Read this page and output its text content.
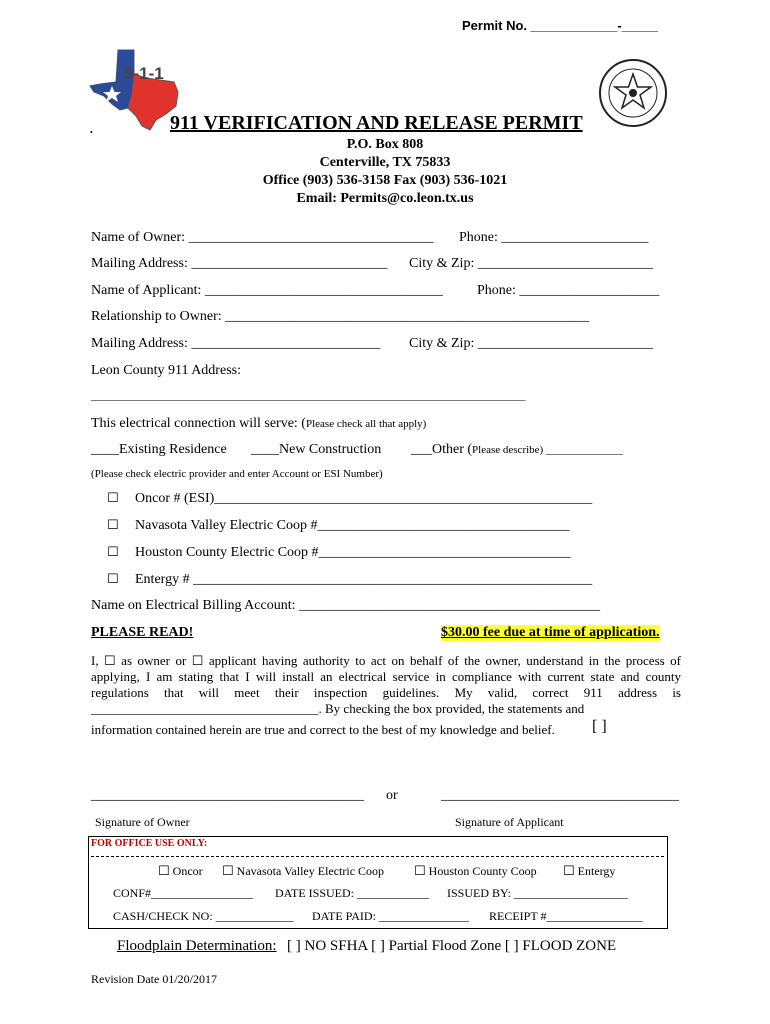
Permit No. ____________-_____
9-1-1
911 VERIFICATION AND RELEASE PERMIT
•
P.O. Box 808
Centerville, TX 75833
Office (903) 536-3158 Fax (903) 536-1021
Email: Permits@co.leon.tx.us
Name of Owner: ___________________________________ Phone: _____________________
Mailing Address: ____________________________ City & Zip: _________________________
Name of Applicant: __________________________________ Phone: ____________________
Relationship to Owner: ____________________________________________________
Mailing Address: ___________________________ City & Zip: _________________________
Leon County 911 Address:
_______________________________________________________________________________
This electrical connection will serve: (Please check all that apply)
____Existing Residence ____New Construction ___Other (Please describe) ______________
(Please check electric provider and enter Account or ESI Number)
☐ Oncor # (ESI)______________________________________________________
☐ Navasota Valley Electric Coop #____________________________________
☐ Houston County Electric Coop #____________________________________
☐ Entergy # _________________________________________________________
Name on Electrical Billing Account: ___________________________________________
PLEASE READ!	$30.00 fee due at time of application.
I, ☐ as owner or ☐ applicant having authority to act on behalf of the owner, understand in the process of applying, I am stating that I will install an electrical service in compliance with current state and county regulations that will meet their inspection guidelines. My valid, correct 911 address is ___________________________________. By checking the box provided, the statements and
information contained herein are true and correct to the best of my knowledge and belief. [ ]
_______________________________________ or	__________________________________
Signature of Owner	Signature of Applicant
FOR OFFICE USE ONLY:
☐ Oncor ☐ Navasota Valley Electric Coop ☐ Houston County Coop ☐ Entergy
CONF#_________________ DATE ISSUED: ____________ ISSUED BY: ___________________
CASH/CHECK NO: _____________ DATE PAID: _______________ RECEIPT #________________
Floodplain Determination: [ ] NO SFHA [ ] Partial Flood Zone [ ] FLOOD ZONE
Revision Date 01/20/2017
